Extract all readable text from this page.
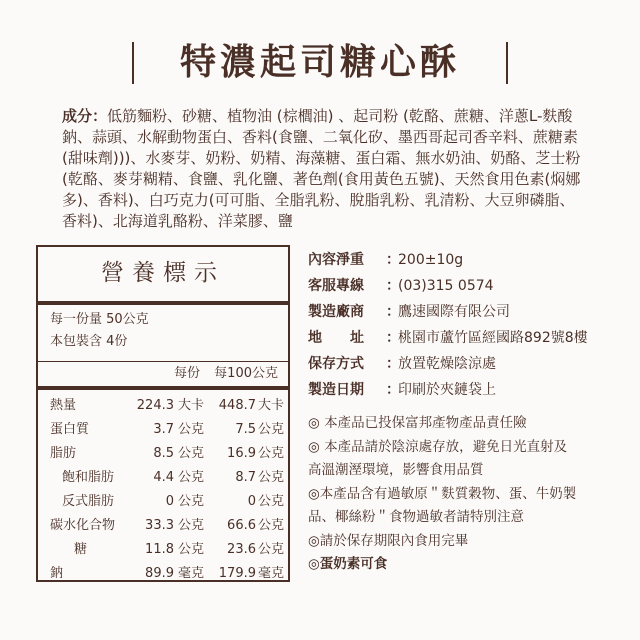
特濃起司糖心酥
成分：低筋麵粉、砂糖、植物油 (棕櫚油) 、起司粉 (乾酪、蔗糖、洋蔥L-麩酸鈉、蒜頭、水解動物蛋白、香料(食鹽、二氧化矽、墨西哥起司香辛料、蔗糖素(甜味劑)))、水麥芽、奶粉、奶精、海藻糖、蛋白霜、無水奶油、奶酪、芝士粉 (乾酪、麥芽糊精、食鹽、乳化鹽、著色劑(食用黃色五號)、天然食用色素(焖娜多)、香料)、白巧克力(可可脂、全脂乳粉、脫脂乳粉、乳清粉、大豆卵磷脂、香料)、北海道乳酪粉、洋菜膠、鹽
營養標示
每一份量 50公克
本包裝含 4份
每份	每100公克
熱量	224.3 大卡	448.7 大卡
蛋白質	3.7 公克	7.5 公克
脂肪	8.5 公克	16.9 公克
飽和脂肪	4.4 公克	8.7 公克
反式脂肪	0 公克	0 公克
碳水化合物	33.3 公克	66.6 公克
糖	11.8 公克	23.6 公克
鈉	89.9 毫克	179.9 毫克
內容淨重	：
200±10g
客服專線	：
(03)315 0574
製造廠商	：
鷹速國際有限公司
地　　址	：
桃園市蘆竹區經國路892號8樓
保存方式	：
放置乾燥陰涼處
製造日期	：
印刷於夾鏈袋上
◎ 本產品已投保富邦產物產品責任險
◎ 本產品請於陰涼處存放，避免日光直射及
高溫潮溼環境，影響食用品質
◎本產品含有過敏原＂麩質穀物、蛋、牛奶製
品、椰絲粉＂食物過敏者請特別注意
◎請於保存期限內食用完畢
◎蛋奶素可食
